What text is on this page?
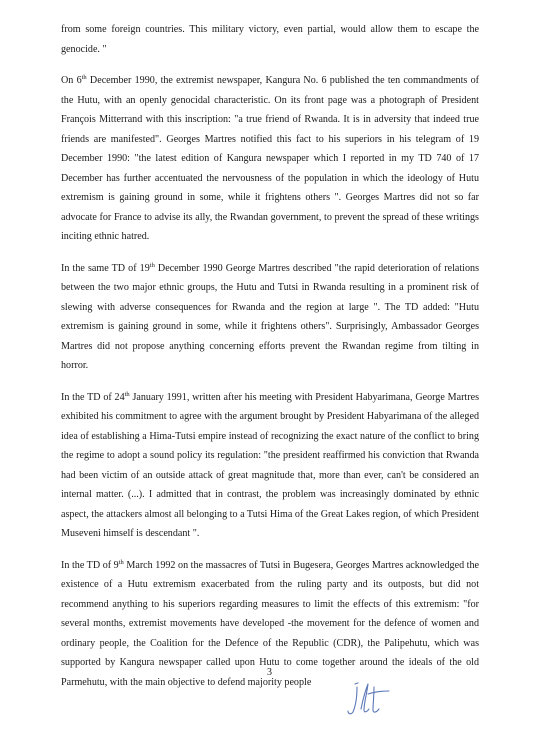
from some foreign countries. This military victory, even partial, would allow them to escape the genocide. "

On 6th December 1990, the extremist newspaper, Kangura No. 6 published the ten commandments of the Hutu, with an openly genocidal characteristic. On its front page was a photograph of President François Mitterrand with this inscription: "a true friend of Rwanda. It is in adversity that indeed true friends are manifested". Georges Martres notified this fact to his superiors in his telegram of 19 December 1990: "the latest edition of Kangura newspaper which I reported in my TD 740 of 17 December has further accentuated the nervousness of the population in which the ideology of Hutu extremism is gaining ground in some, while it frightens others ". Georges Martres did not so far advocate for France to advise its ally, the Rwandan government, to prevent the spread of these writings inciting ethnic hatred.

In the same TD of 19th December 1990 George Martres described "the rapid deterioration of relations between the two major ethnic groups, the Hutu and Tutsi in Rwanda resulting in a prominent risk of slewing with adverse consequences for Rwanda and the region at large ". The TD added: "Hutu extremism is gaining ground in some, while it frightens others". Surprisingly, Ambassador Georges Martres did not propose anything concerning efforts prevent the Rwandan regime from tilting in horror.

In the TD of 24th January 1991, written after his meeting with President Habyarimana, George Martres exhibited his commitment to agree with the argument brought by President Habyarimana of the alleged idea of establishing a Hima-Tutsi empire instead of recognizing the exact nature of the conflict to bring the regime to adopt a sound policy its regulation: "the president reaffirmed his conviction that Rwanda had been victim of an outside attack of great magnitude that, more than ever, can't be considered an internal matter. (...). I admitted that in contrast, the problem was increasingly dominated by ethnic aspect, the attackers almost all belonging to a Tutsi Hima of the Great Lakes region, of which President Museveni himself is descendant ".

In the TD of 9th March 1992 on the massacres of Tutsi in Bugesera, Georges Martres acknowledged the existence of a Hutu extremism exacerbated from the ruling party and its outposts, but did not recommend anything to his superiors regarding measures to limit the effects of this extremism: "for several months, extremist movements have developed -the movement for the defence of women and ordinary people, the Coalition for the Defence of the Republic (CDR), the Palipehutu, which was supported by Kangura newspaper called upon Hutu to come together around the ideals of the old Parmehutu, with the main objective to defend majority people

3
